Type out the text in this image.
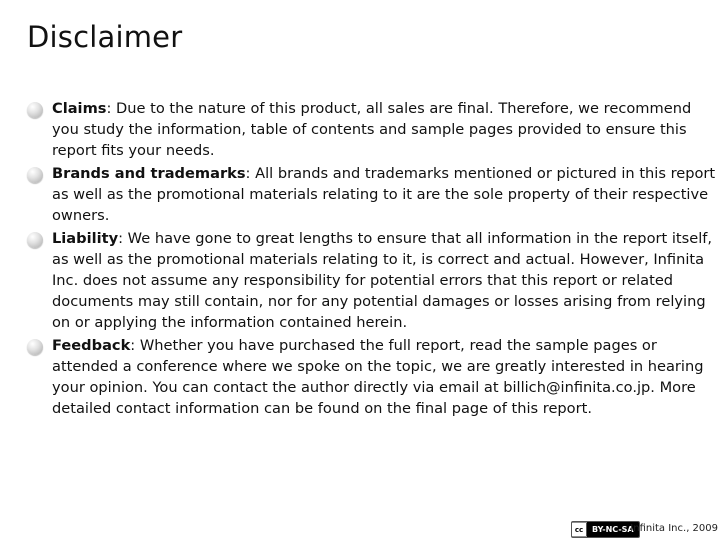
Disclaimer
Claims: Due to the nature of this product, all sales are final. Therefore, we recommend you study the information, table of contents and sample pages provided to ensure this report fits your needs.
Brands and trademarks: All brands and trademarks mentioned or pictured in this report as well as the promotional materials relating to it are the sole property of their respective owners.
Liability: We have gone to great lengths to ensure that all information in the report itself, as well as the promotional materials relating to it, is correct and actual. However, Infinita Inc. does not assume any responsibility for potential errors that this report or related documents may still contain, nor for any potential damages or losses arising from relying on or applying the information contained herein.
Feedback: Whether you have purchased the full report, read the sample pages or attended a conference where we spoke on the topic, we are greatly interested in hearing your opinion. You can contact the author directly via email at billich@infinita.co.jp. More detailed contact information can be found on the final page of this report.
cc	BY-NC-SA
Infinita Inc., 2009
